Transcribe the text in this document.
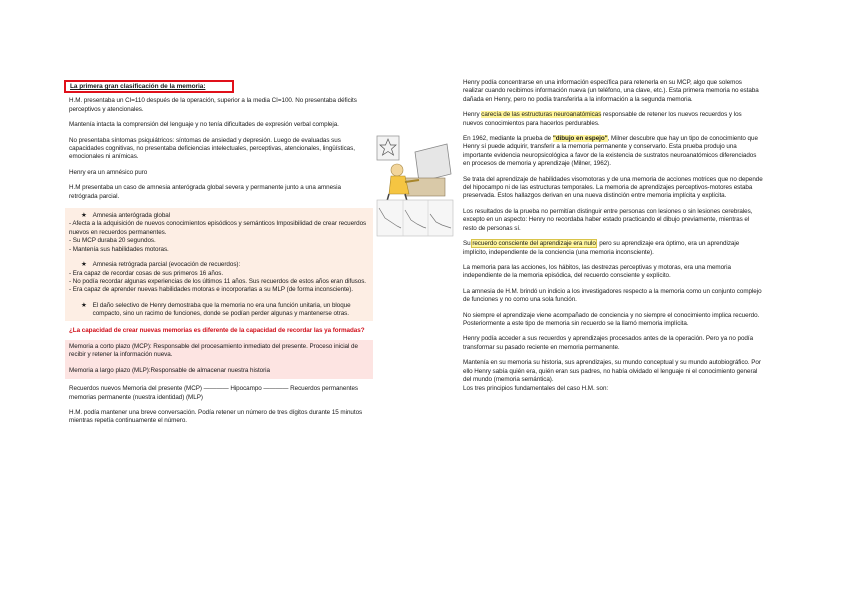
La primera gran clasificación de la memoria:

H.M. presentaba un CI=110 después de la operación, superior a la media CI=100. No presentaba déficits perceptivos y atencionales.

Mantenía intacta la comprensión del lenguaje y no tenía dificultades de expresión verbal compleja.

No presentaba síntomas psiquiátricos: síntomas de ansiedad y depresión. Luego de evaluadas sus capacidades cognitivas, no presentaba deficiencias intelectuales, perceptivas, atencionales, lingüísticas, emocionales ni anímicas.

Henry era un amnésico puro

H.M presentaba un caso de amnesia anterógrada global severa y permanente junto a una amnesia retrógrada parcial.

★ Amnesia anterógrada global

- Afecta a la adquisición de nuevos conocimientos episódicos y semánticos Imposibilidad de crear recuerdos nuevos en recuerdos permanentes.

- Su MCP duraba 20 segundos.

- Mantenía sus habilidades motoras.

★ Amnesia retrógrada parcial (evocación de recuerdos):

- Era capaz de recordar cosas de sus primeros 16 años.

- No podía recordar algunas experiencias de los últimos 11 años. Sus recuerdos de estos años eran difusos.

- Era capaz de aprender nuevas habilidades motoras e incorporarlas a su MLP (de forma inconsciente).

★ El daño selectivo de Henry demostraba que la memoria no era una función unitaria, un bloque compacto, sino un racimo de funciones, donde se podían perder algunas y mantenerse otras.

¿La capacidad de crear nuevas memorias es diferente de la capacidad de recordar las ya formadas?

Memoria a corto plazo (MCP): Responsable del procesamiento inmediato del presente. Proceso inicial de recibir y retener la información nueva.

Memoria a largo plazo (MLP):Responsable de almacenar nuestra historia

Recuerdos nuevos Memoria del presente (MCP) ———— Hipocampo ———— Recuerdos permanentes memorias permanente (nuestra identidad) (MLP)

H.M. podía mantener una breve conversación. Podía retener un número de tres dígitos durante 15 minutos mientras repetía continuamente el número.

Henry podía concentrarse en una información específica para retenerla en su MCP, algo que solemos realizar cuando recibimos información nueva (un teléfono, una clave, etc.). Esta primera memoria no estaba dañada en Henry, pero no podía transferirla a la información a la segunda memoria.

Henry carecía de las estructuras neuroanatómicas responsable de retener los nuevos recuerdos y los nuevos conocimientos para hacerlos perdurables.

En 1962, mediante la prueba de "dibujo en espejo", Milner descubre que hay un tipo de conocimiento que Henry sí puede adquirir, transferir a la memoria permanente y conservarlo. Esta prueba produjo una importante evidencia neuropsicológica a favor de la existencia de sustratos neuroanatómicos diferenciados en procesos de memoria y aprendizaje (Milner, 1962).

Se trata del aprendizaje de habilidades visomotoras y de una memoria de acciones motrices que no depende del hipocampo ni de las estructuras temporales. La memoria de aprendizajes perceptivos-motores estaba preservada. Estos hallazgos derivan en una nueva distinción entre memoria implícita y explícita.

Los resultados de la prueba no permitían distinguir entre personas con lesiones o sin lesiones cerebrales, excepto en un aspecto: Henry no recordaba haber estado practicando el dibujo previamente, mientras el resto de personas sí.

Su recuerdo consciente del aprendizaje era nulo, pero su aprendizaje era óptimo, era un aprendizaje implícito, independiente de la conciencia (una memoria inconsciente).

La memoria para las acciones, los hábitos, las destrezas perceptivas y motoras, era una memoria independiente de la memoria episódica, del recuerdo consciente y explícito.

La amnesia de H.M. brindó un indicio a los investigadores respecto a la memoria como un conjunto complejo de funciones y no como una sola función.

No siempre el aprendizaje viene acompañado de conciencia y no siempre el conocimiento implica recuerdo. Posteriormente a este tipo de memoria sin recuerdo se la llamó memoria implícita.

Henry podía acceder a sus recuerdos y aprendizajes procesados antes de la operación. Pero ya no podía transformar su pasado reciente en memoria permanente.

Mantenía en su memoria su historia, sus aprendizajes, su mundo conceptual y su mundo autobiográfico. Por ello Henry sabía quién era, quién eran sus padres, no había olvidado el lenguaje ni el conocimiento general del mundo (memoria semántica).

Los tres principios fundamentales del caso H.M. son:
